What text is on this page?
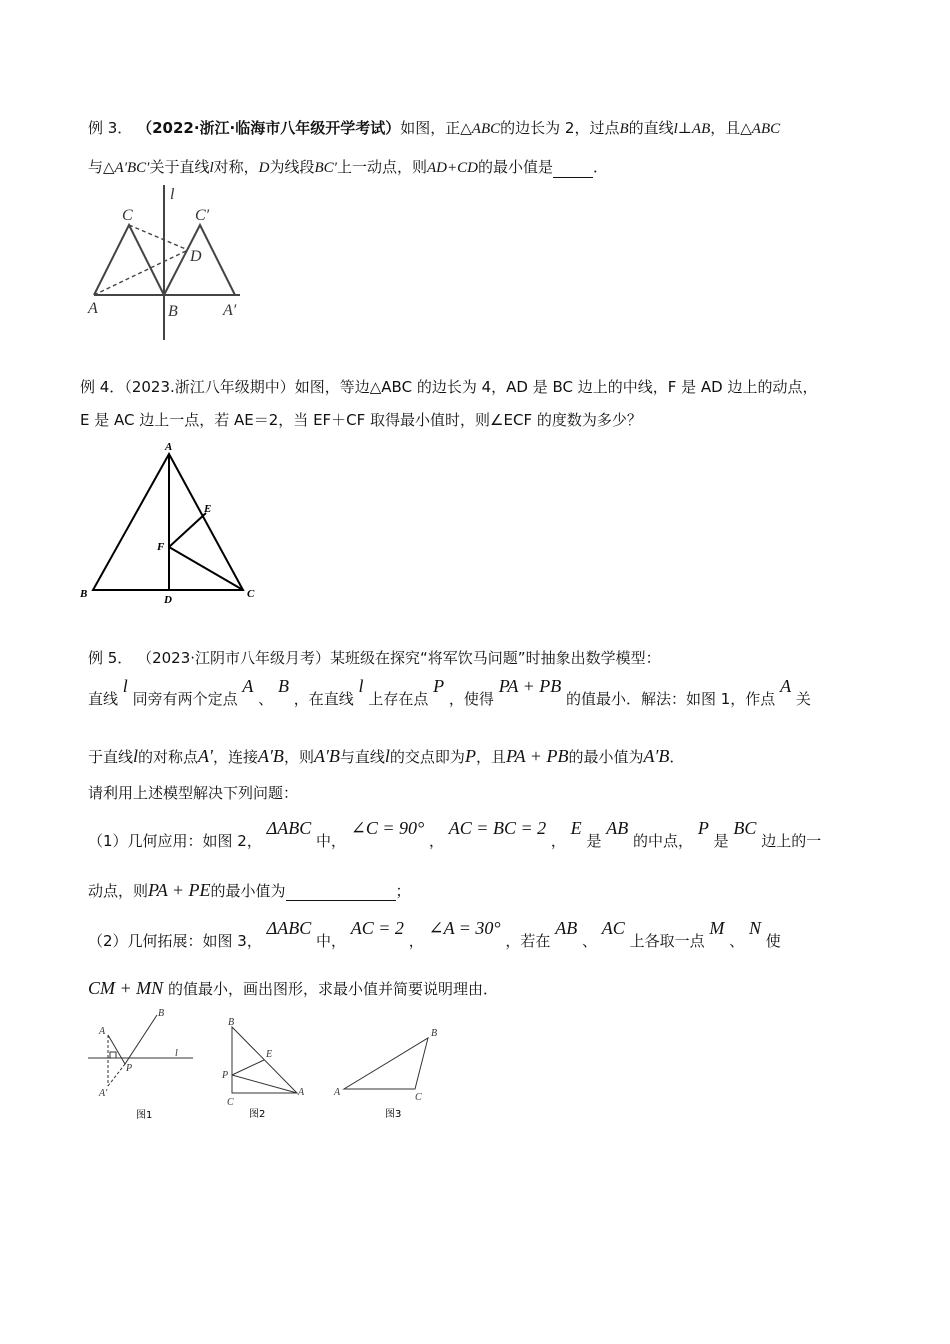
例 3． （2022·浙江·临海市八年级开学考试）如图，正△ABC的边长为 2，过点B的直线l⊥AB，且△ABC
与△A′BC′关于直线l对称，D为线段BC′上一动点，则AD+CD的最小值是	．
C	C′
l
D
A	B	A′
例 4．（2023.浙江八年级期中）如图，等边△ABC 的边长为 4，AD 是 BC 边上的中线，F 是 AD 边上的动点，
E 是 AC 边上一点，若 AE＝2，当 EF＋CF 取得最小值时，则∠ECF 的度数为多少？
A
B	C
D
E
F
例 5． （2023·江阴市八年级月考）某班级在探究“将军饮马问题”时抽象出数学模型：
直线 l 同旁有两个定点 A 、 B ，在直线 l 上存在点 P ，使得 PA + PB 的值最小．解法：如图 1，作点 A 关
于直线l的对称点A′，连接A′B，则A′B与直线l的交点即为P，且PA + PB的最小值为A′B．
请利用上述模型解决下列问题：
（1）几何应用：如图 2， ΔABC 中， ∠C = 90° ， AC = BC = 2 ， E 是 AB 的中点， P 是 BC 边上的一
动点，则PA + PE的最小值为	；
（2）几何拓展：如图 3， ΔABC 中， AC = 2 ， ∠A = 30° ，若在 AB 、 AC 上各取一点 M 、 N 使
CM + MN 的值最小，画出图形，求最小值并简要说明理由．
A
B
P
l
A′
图1
B
E
P
C
A
图2
B
A	C
图3
